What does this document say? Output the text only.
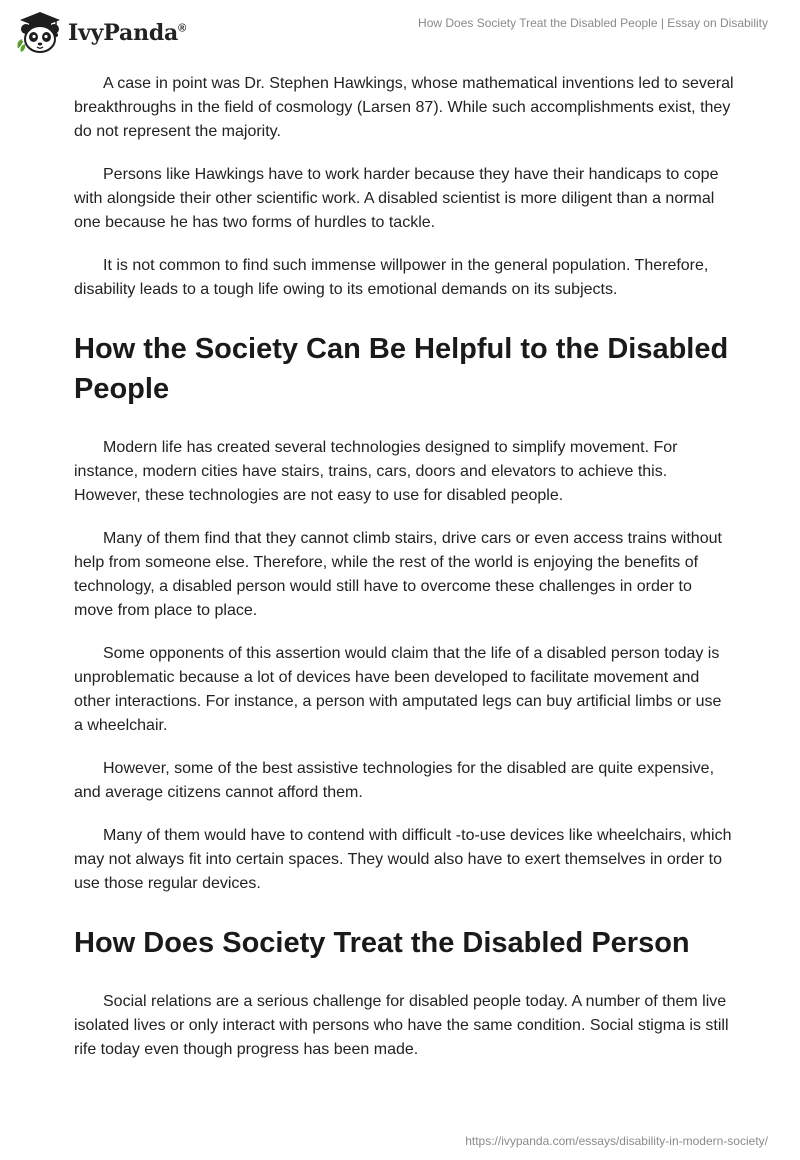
IvyPanda®	How Does Society Treat the Disabled People | Essay on Disability

A case in point was Dr. Stephen Hawkings, whose mathematical inventions led to several breakthroughs in the field of cosmology (Larsen 87). While such accomplishments exist, they do not represent the majority.

Persons like Hawkings have to work harder because they have their handicaps to cope with alongside their other scientific work. A disabled scientist is more diligent than a normal one because he has two forms of hurdles to tackle.

It is not common to find such immense willpower in the general population. Therefore, disability leads to a tough life owing to its emotional demands on its subjects.

How the Society Can Be Helpful to the Disabled People

Modern life has created several technologies designed to simplify movement. For instance, modern cities have stairs, trains, cars, doors and elevators to achieve this. However, these technologies are not easy to use for disabled people.

Many of them find that they cannot climb stairs, drive cars or even access trains without help from someone else. Therefore, while the rest of the world is enjoying the benefits of technology, a disabled person would still have to overcome these challenges in order to move from place to place.

Some opponents of this assertion would claim that the life of a disabled person today is unproblematic because a lot of devices have been developed to facilitate movement and other interactions. For instance, a person with amputated legs can buy artificial limbs or use a wheelchair.

However, some of the best assistive technologies for the disabled are quite expensive, and average citizens cannot afford them.

Many of them would have to contend with difficult -to-use devices like wheelchairs, which may not always fit into certain spaces. They would also have to exert themselves in order to use those regular devices.

How Does Society Treat the Disabled Person

Social relations are a serious challenge for disabled people today. A number of them live isolated lives or only interact with persons who have the same condition. Social stigma is still rife today even though progress has been made.

https://ivypanda.com/essays/disability-in-modern-society/
